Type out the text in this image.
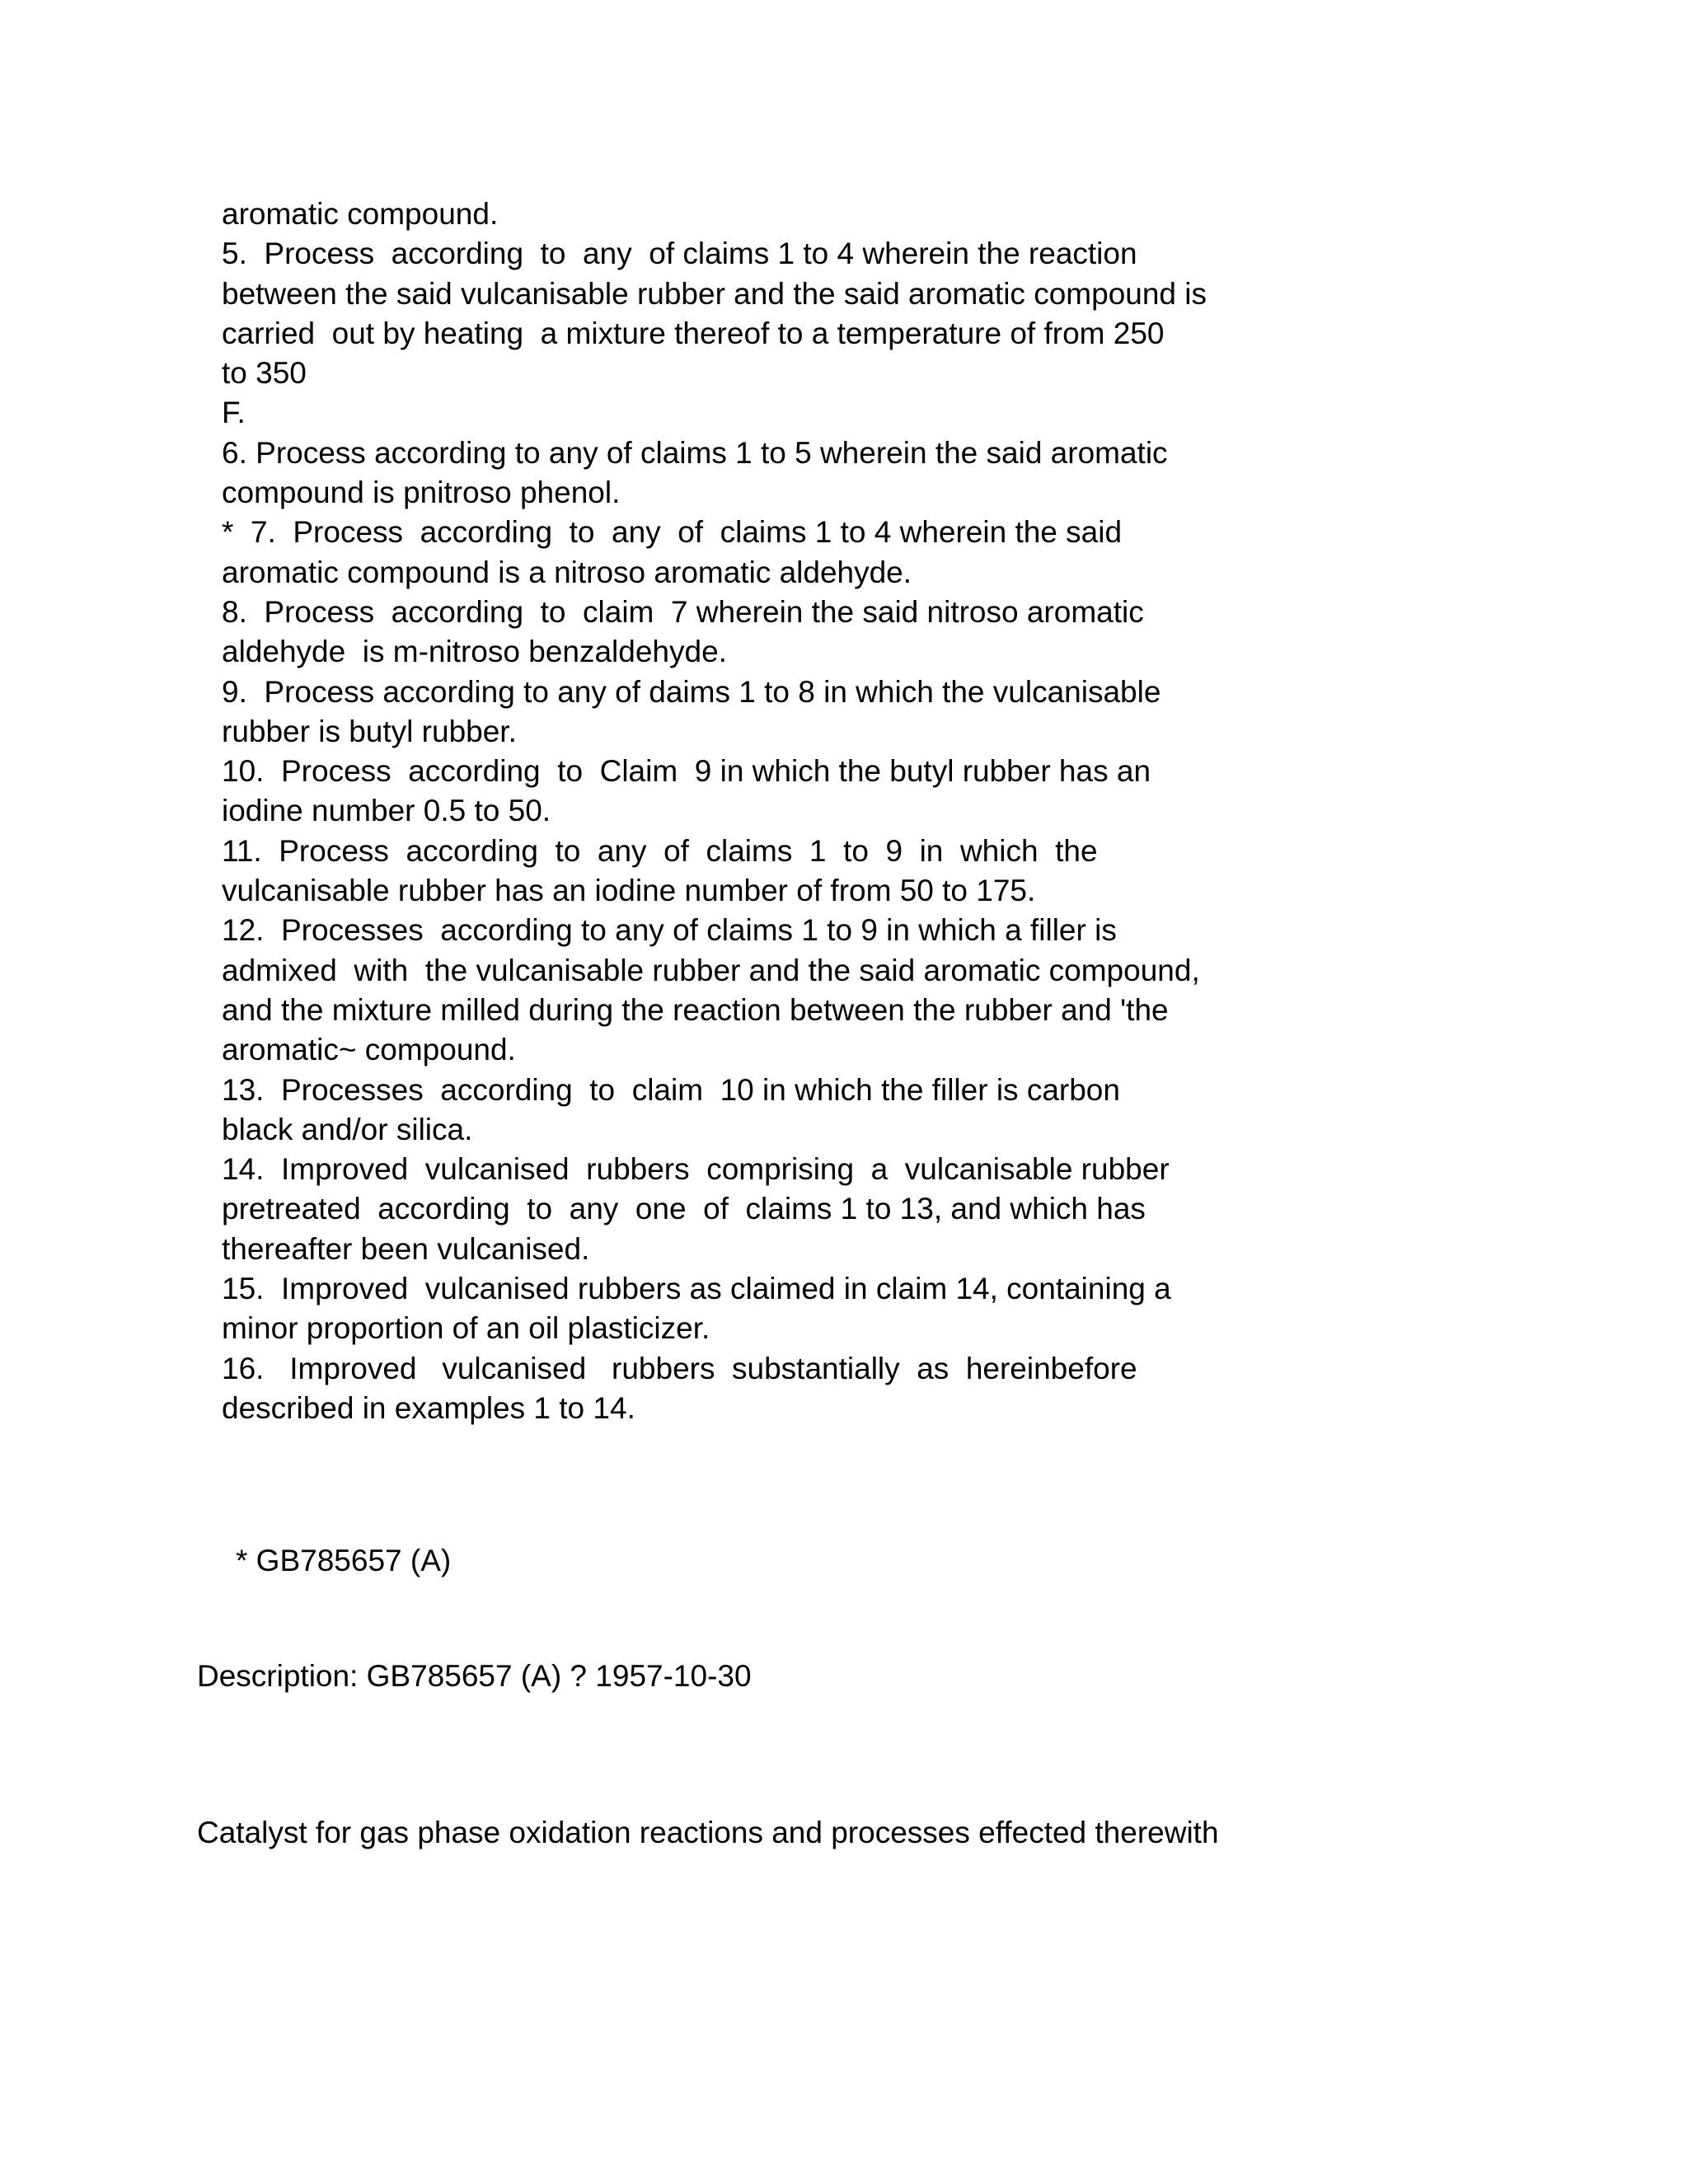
aromatic compound.
5.  Process  according  to  any  of claims 1 to 4 wherein the reaction
between the said vulcanisable rubber and the said aromatic compound is
carried  out by heating  a mixture thereof to a temperature of from 250
to 350
F.
6. Process according to any of claims 1 to 5 wherein the said aromatic
compound is pnitroso phenol.
*  7.  Process  according  to  any  of  claims 1 to 4 wherein the said
aromatic compound is a nitroso aromatic aldehyde.
8.  Process  according  to  claim  7 wherein the said nitroso aromatic
aldehyde  is m-nitroso benzaldehyde.
9.  Process according to any of daims 1 to 8 in which the vulcanisable
rubber is butyl rubber.
10.  Process  according  to  Claim  9 in which the butyl rubber has an
iodine number 0.5 to 50.
11.  Process  according  to  any  of  claims  1  to  9  in  which  the
vulcanisable rubber has an iodine number of from 50 to 175.
12.  Processes  according to any of claims 1 to 9 in which a filler is
admixed  with  the vulcanisable rubber and the said aromatic compound,
and the mixture milled during the reaction between the rubber and 'the
aromatic~ compound.
13.  Processes  according  to  claim  10 in which the filler is carbon
black and/or silica.
14.  Improved  vulcanised  rubbers  comprising  a  vulcanisable rubber
pretreated  according  to  any  one  of  claims 1 to 13, and which has
thereafter been vulcanised.
15.  Improved  vulcanised rubbers as claimed in claim 14, containing a
minor proportion of an oil plasticizer.
16.   Improved   vulcanised   rubbers  substantially  as  hereinbefore
described in examples 1 to 14.
* GB785657 (A)
Description: GB785657 (A) ? 1957-10-30
Catalyst for gas phase oxidation reactions and processes effected therewith
